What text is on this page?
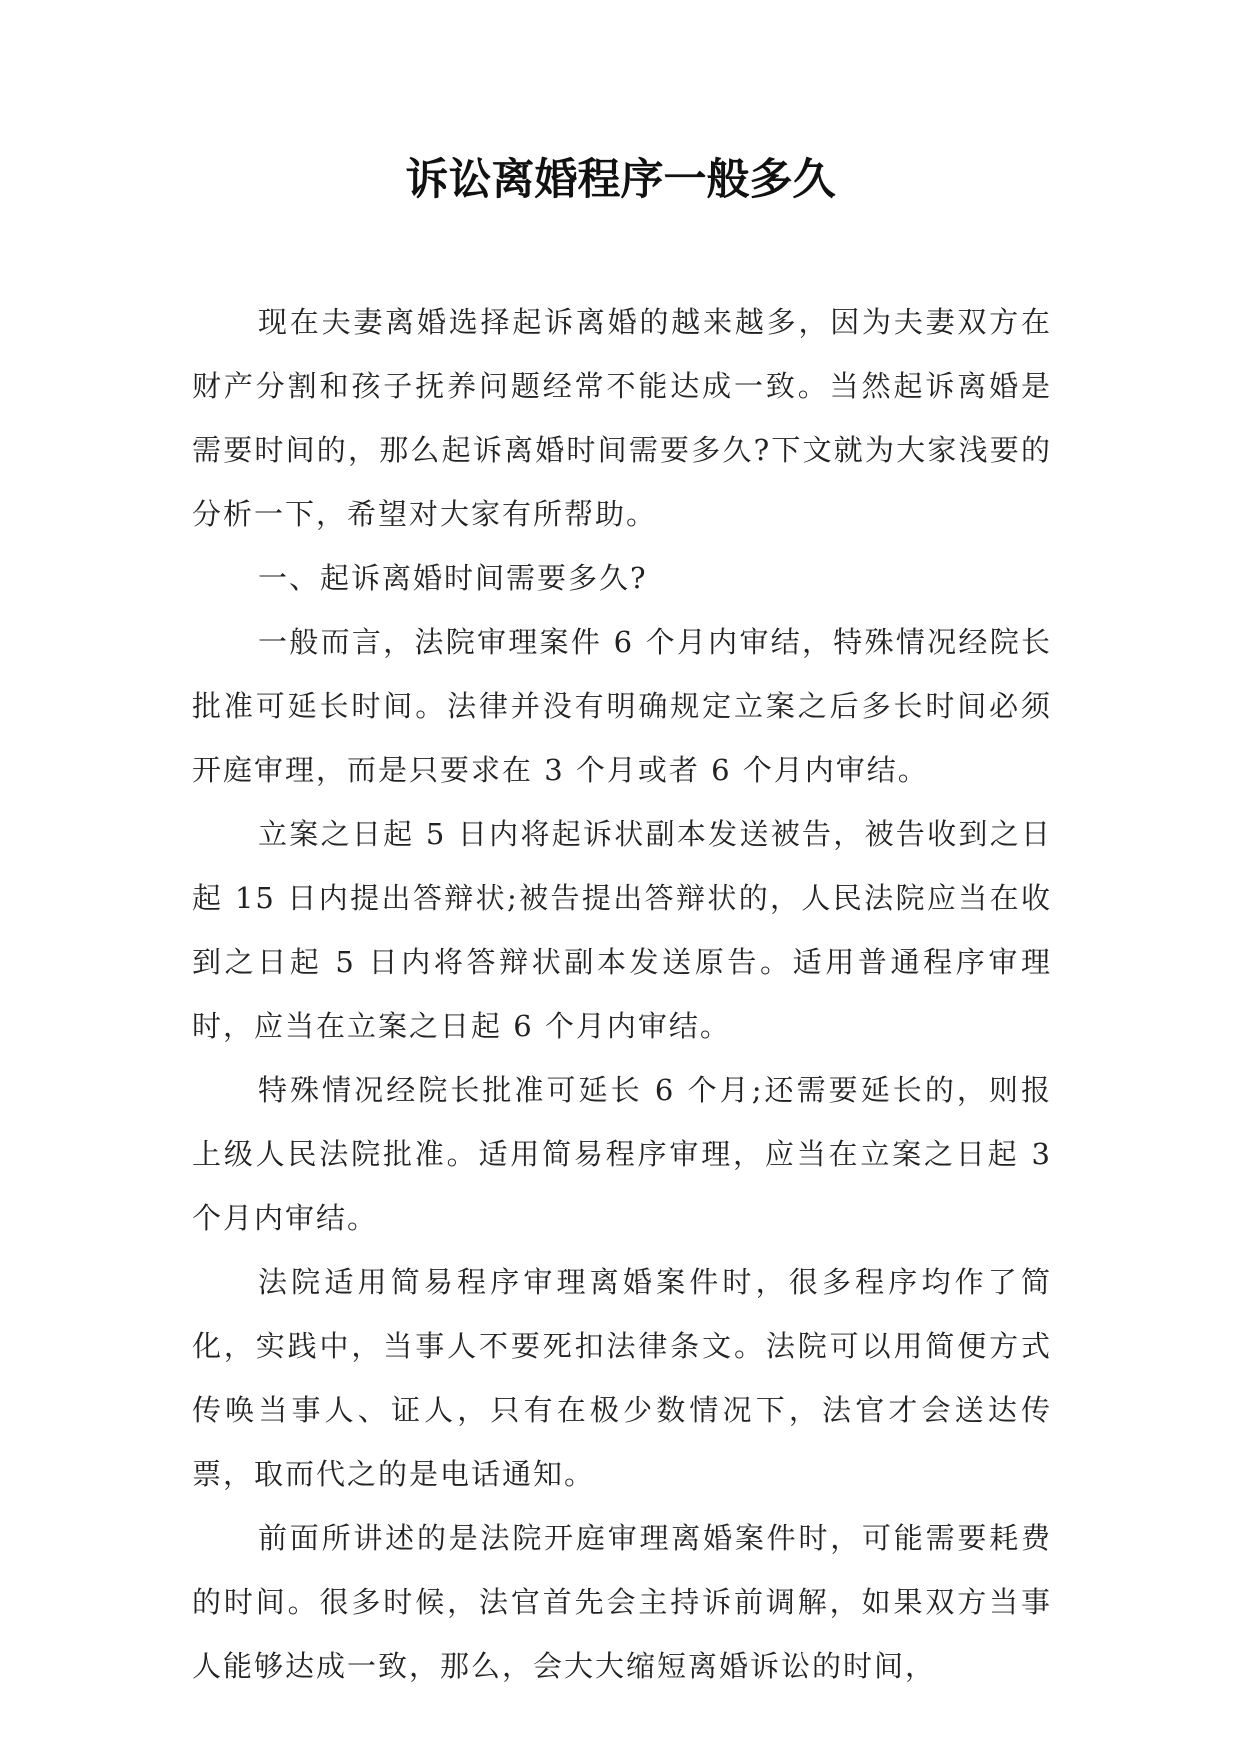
诉讼离婚程序一般多久

现在夫妻离婚选择起诉离婚的越来越多，因为夫妻双方在财产分割和孩子抚养问题经常不能达成一致。当然起诉离婚是需要时间的，那么起诉离婚时间需要多久?下文就为大家浅要的分析一下，希望对大家有所帮助。

一、起诉离婚时间需要多久?

一般而言，法院审理案件 6 个月内审结，特殊情况经院长批准可延长时间。法律并没有明确规定立案之后多长时间必须开庭审理，而是只要求在 3 个月或者 6 个月内审结。

立案之日起 5 日内将起诉状副本发送被告，被告收到之日起 15 日内提出答辩状;被告提出答辩状的，人民法院应当在收到之日起 5 日内将答辩状副本发送原告。适用普通程序审理时，应当在立案之日起 6 个月内审结。

特殊情况经院长批准可延长 6 个月;还需要延长的，则报上级人民法院批准。适用简易程序审理，应当在立案之日起 3 个月内审结。

法院适用简易程序审理离婚案件时，很多程序均作了简化，实践中，当事人不要死扣法律条文。法院可以用简便方式传唤当事人、证人，只有在极少数情况下，法官才会送达传票，取而代之的是电话通知。

前面所讲述的是法院开庭审理离婚案件时，可能需要耗费的时间。很多时候，法官首先会主持诉前调解，如果双方当事人能够达成一致，那么，会大大缩短离婚诉讼的时间，
